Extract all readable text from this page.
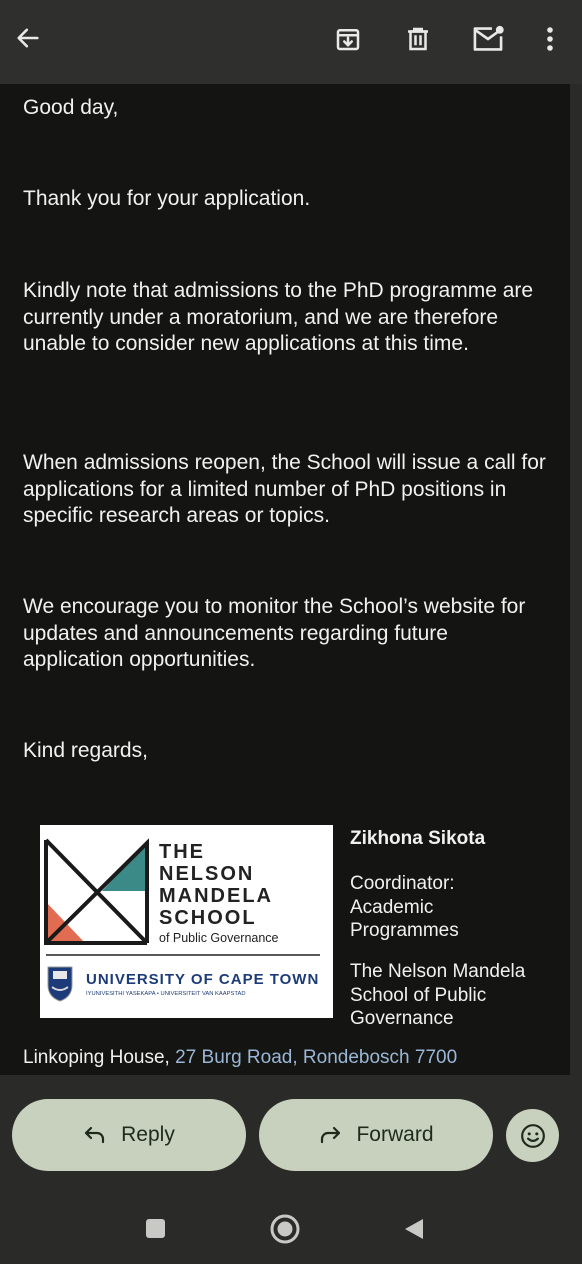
Good day,
Thank you for your application.
Kindly note that admissions to the PhD programme are currently under a moratorium, and we are therefore unable to consider new applications at this time.
When admissions reopen, the School will issue a call for applications for a limited number of PhD positions in specific research areas or topics.
We encourage you to monitor the School’s website for updates and announcements regarding future application opportunities.
Kind regards,
THE
NELSON
MANDELA
SCHOOL
of Public Governance
UNIVERSITY OF CAPE TOWN
IYUNIVESITHI YASEKAPA • UNIVERSITEIT VAN KAAPSTAD
Zikhona Sikota
Coordinator: Academic Programmes
The Nelson Mandela School of Public Governance
Linkoping House, 27 Burg Road, Rondebosch 7700
Reply	Forward
